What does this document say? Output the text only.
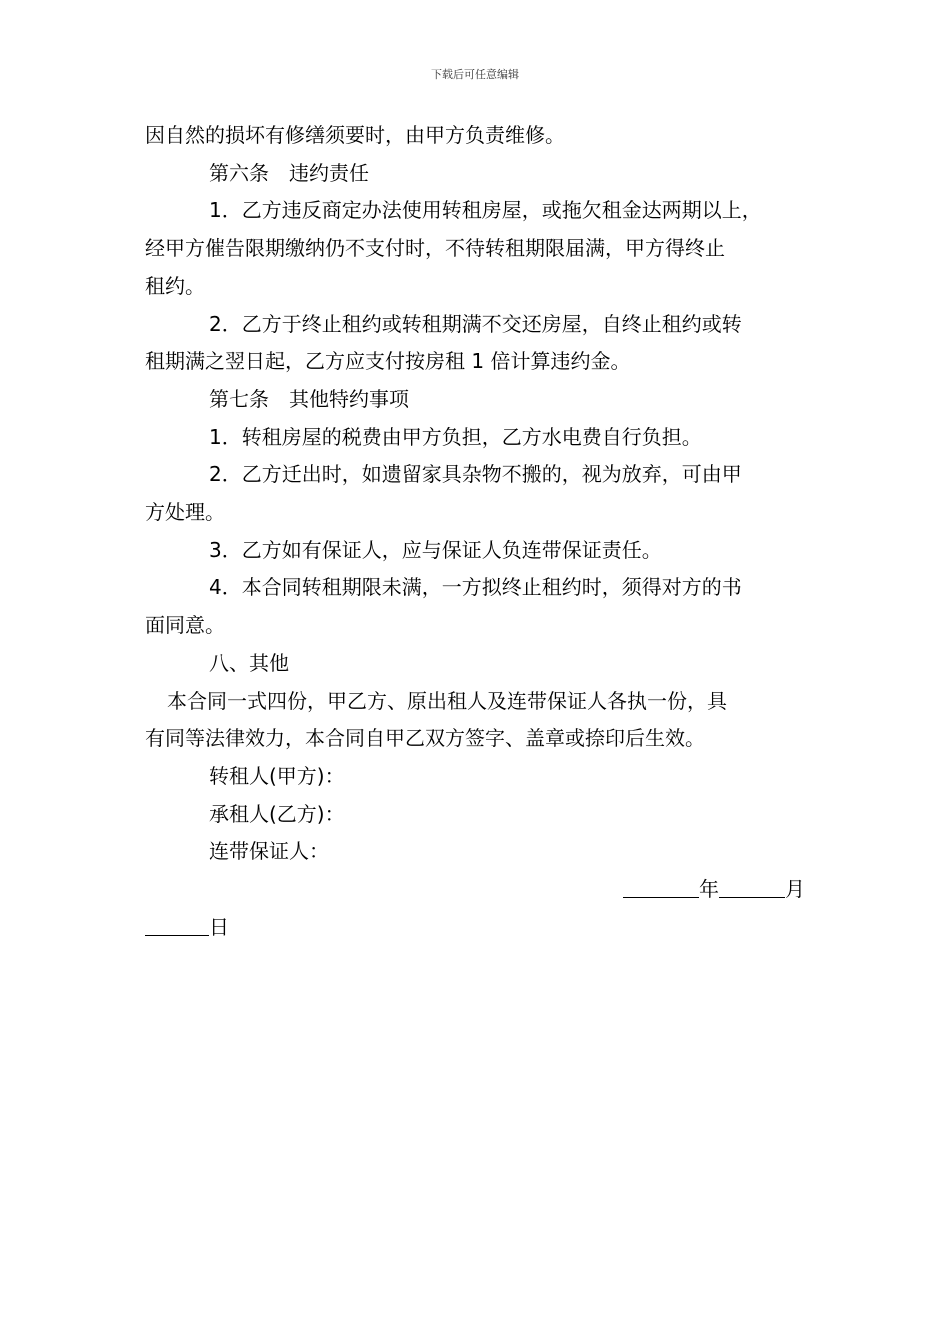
下载后可任意编辑

因自然的损坏有修缮须要时，由甲方负责维修。

第六条　违约责任

1．乙方违反商定办法使用转租房屋，或拖欠租金达两期以上，

经甲方催告限期缴纳仍不支付时，不待转租期限届满，甲方得终止

租约。

2．乙方于终止租约或转租期满不交还房屋，自终止租约或转

租期满之翌日起，乙方应支付按房租 1 倍计算违约金。

第七条　其他特约事项

1．转租房屋的税费由甲方负担，乙方水电费自行负担。

2．乙方迁出时，如遗留家具杂物不搬的，视为放弃，可由甲

方处理。

3．乙方如有保证人，应与保证人负连带保证责任。

4．本合同转租期限未满，一方拟终止租约时，须得对方的书

面同意。

八、其他

本合同一式四份，甲乙方、原出租人及连带保证人各执一份，具

有同等法律效力，本合同自甲乙双方签字、盖章或捺印后生效。

转租人(甲方)：

承租人(乙方)：

连带保证人：

年	月

日
